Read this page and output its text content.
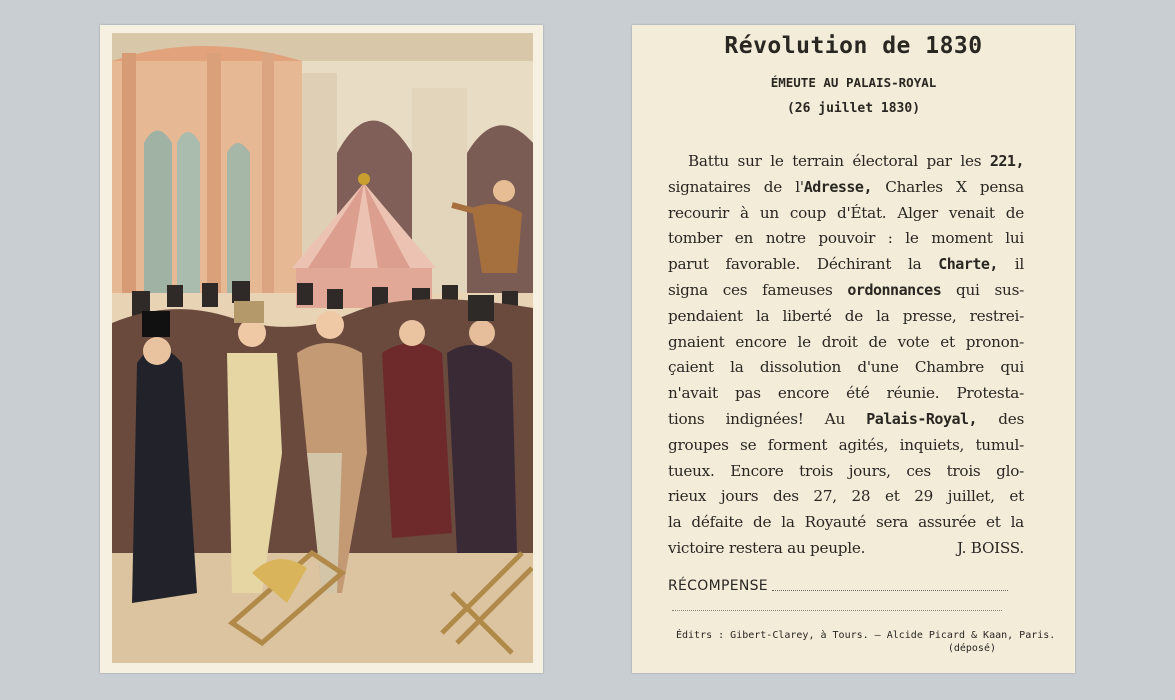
Révolution de 1830
ÉMEUTE AU PALAIS-ROYAL
(26 juillet 1830)
Battu sur le terrain électoral par les 221,
signataires de l'Adresse, Charles X pensa
recourir à un coup d'État. Alger venait de
tomber en notre pouvoir : le moment lui
parut favorable. Déchirant la Charte, il
signa ces fameuses ordonnances qui sus-
pendaient la liberté de la presse, restrei-
gnaient encore le droit de vote et pronon-
çaient la dissolution d'une Chambre qui
n'avait pas encore été réunie. Protesta-
tions indignées! Au Palais-Royal, des
groupes se forment agités, inquiets, tumul-
tueux. Encore trois jours, ces trois glo-
rieux jours des 27, 28 et 29 juillet, et
la défaite de la Royauté sera assurée et la
victoire restera au peuple.	J. BOISS.
RÉCOMPENSE
Éditrs : Gibert-Clarey, à Tours. — Alcide Picard & Kaan, Paris.
(déposé)
